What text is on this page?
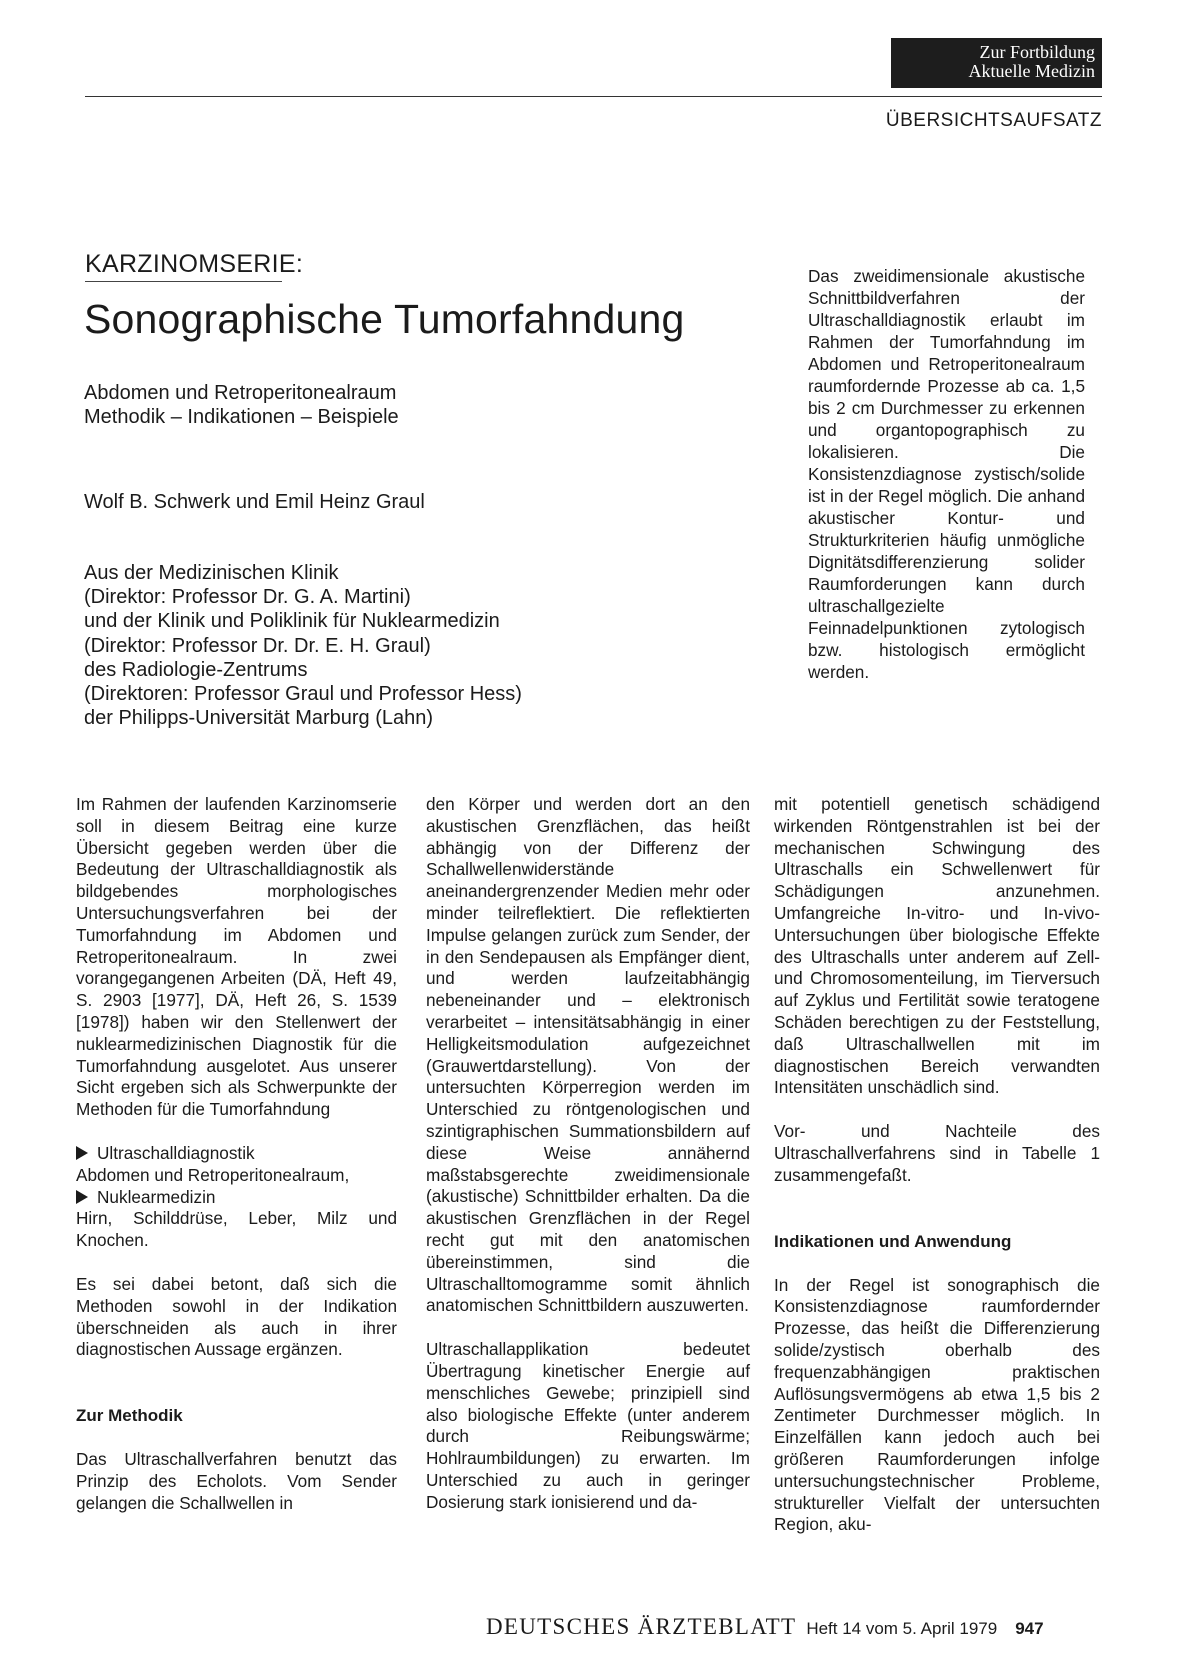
Zur Fortbildung
Aktuelle Medizin
ÜBERSICHTSAUFSATZ
KARZINOMSERIE:
Sonographische Tumorfahndung
Abdomen und Retroperitonealraum
Methodik – Indikationen – Beispiele
Wolf B. Schwerk und Emil Heinz Graul
Aus der Medizinischen Klinik
(Direktor: Professor Dr. G. A. Martini)
und der Klinik und Poliklinik für Nuklearmedizin
(Direktor: Professor Dr. Dr. E. H. Graul)
des Radiologie-Zentrums
(Direktoren: Professor Graul und Professor Hess)
der Philipps-Universität Marburg (Lahn)
Das zweidimensionale akustische Schnittbildverfahren der Ultraschalldiagnostik erlaubt im Rahmen der Tumorfahndung im Abdomen und Retroperitonealraum raumfordernde Prozesse ab ca. 1,5 bis 2 cm Durchmesser zu erkennen und organtopographisch zu lokalisieren. Die Konsistenzdiagnose zystisch/solide ist in der Regel möglich. Die anhand akustischer Kontur- und Strukturkriterien häufig unmögliche Dignitätsdifferenzierung solider Raumforderungen kann durch ultraschallgezielte Feinnadelpunktionen zytologisch bzw. histologisch ermöglicht werden.

Im Rahmen der laufenden Karzinomserie soll in diesem Beitrag eine kurze Übersicht gegeben werden über die Bedeutung der Ultraschalldiagnostik als bildgebendes morphologisches Untersuchungsverfahren bei der Tumorfahndung im Abdomen und Retroperitonealraum. In zwei vorangegangenen Arbeiten (DÄ, Heft 49, S. 2903 [1977], DÄ, Heft 26, S. 1539 [1978]) haben wir den Stellenwert der nuklearmedizinischen Diagnostik für die Tumorfahndung ausgelotet. Aus unserer Sicht ergeben sich als Schwerpunkte der Methoden für die Tumorfahndung

Ultraschalldiagnostik
Abdomen und Retroperitonealraum,
Nuklearmedizin
Hirn, Schilddrüse, Leber, Milz und Knochen.

Es sei dabei betont, daß sich die Methoden sowohl in der Indikation überschneiden als auch in ihrer diagnostischen Aussage ergänzen.

Zur Methodik

Das Ultraschallverfahren benutzt das Prinzip des Echolots. Vom Sender gelangen die Schallwellen in

den Körper und werden dort an den akustischen Grenzflächen, das heißt abhängig von der Differenz der Schallwellenwiderstände aneinandergrenzender Medien mehr oder minder teilreflektiert. Die reflektierten Impulse gelangen zurück zum Sender, der in den Sendepausen als Empfänger dient, und werden laufzeitabhängig nebeneinander und – elektronisch verarbeitet – intensitätsabhängig in einer Helligkeitsmodulation aufgezeichnet (Grauwertdarstellung). Von der untersuchten Körperregion werden im Unterschied zu röntgenologischen und szintigraphischen Summationsbildern auf diese Weise annähernd maßstabsgerechte zweidimensionale (akustische) Schnittbilder erhalten. Da die akustischen Grenzflächen in der Regel recht gut mit den anatomischen übereinstimmen, sind die Ultraschalltomogramme somit ähnlich anatomischen Schnittbildern auszuwerten.

Ultraschallapplikation bedeutet Übertragung kinetischer Energie auf menschliches Gewebe; prinzipiell sind also biologische Effekte (unter anderem durch Reibungswärme; Hohlraumbildungen) zu erwarten. Im Unterschied zu auch in geringer Dosierung stark ionisierend und da-

mit potentiell genetisch schädigend wirkenden Röntgenstrahlen ist bei der mechanischen Schwingung des Ultraschalls ein Schwellenwert für Schädigungen anzunehmen. Umfangreiche In-vitro- und In-vivo-Untersuchungen über biologische Effekte des Ultraschalls unter anderem auf Zell- und Chromosomenteilung, im Tierversuch auf Zyklus und Fertilität sowie teratogene Schäden berechtigen zu der Feststellung, daß Ultraschallwellen mit im diagnostischen Bereich verwandten Intensitäten unschädlich sind.

Vor- und Nachteile des Ultraschallverfahrens sind in Tabelle 1 zusammengefaßt.

Indikationen und Anwendung

In der Regel ist sonographisch die Konsistenzdiagnose raumfordernder Prozesse, das heißt die Differenzierung solide/zystisch oberhalb des frequenzabhängigen praktischen Auflösungsvermögens ab etwa 1,5 bis 2 Zentimeter Durchmesser möglich. In Einzelfällen kann jedoch auch bei größeren Raumforderungen infolge untersuchungstechnischer Probleme, struktureller Vielfalt der untersuchten Region, aku-

DEUTSCHES ÄRZTEBLATT Heft 14 vom 5. April 1979 947
